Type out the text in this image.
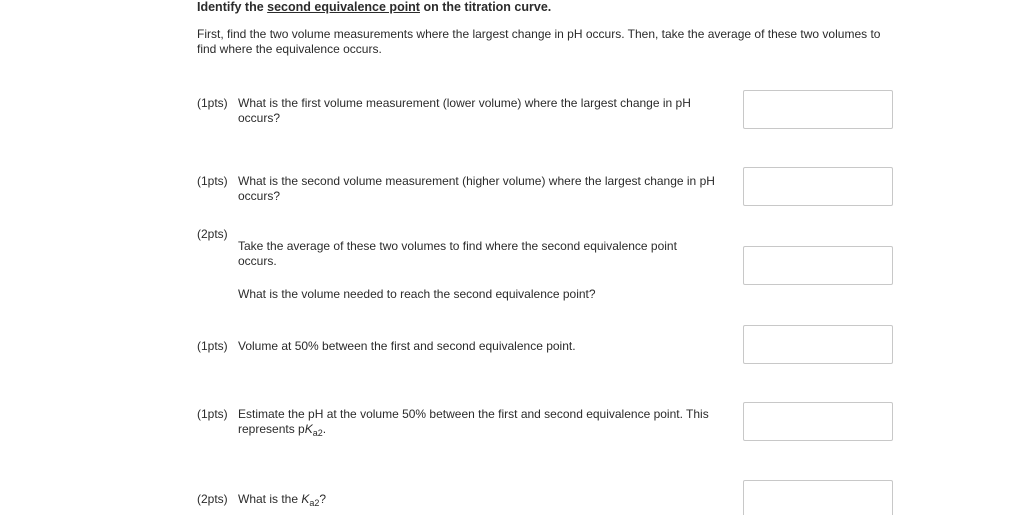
Identify the second equivalence point on the titration curve.
First, find the two volume measurements where the largest change in pH occurs. Then, take the average of these two volumes to find where the equivalence occurs.
(1pts) What is the first volume measurement (lower volume) where the largest change in pH occurs?

(1pts) What is the second volume measurement (higher volume) where the largest change in pH occurs?

(2pts)

Take the average of these two volumes to find where the second equivalence point occurs.

What is the volume needed to reach the second equivalence point?

(1pts) Volume at 50% between the first and second equivalence point.

(1pts) Estimate the pH at the volume 50% between the first and second equivalence point. This represents $pK_{a2}$.

(2pts) What is the $K_{a2}$?
